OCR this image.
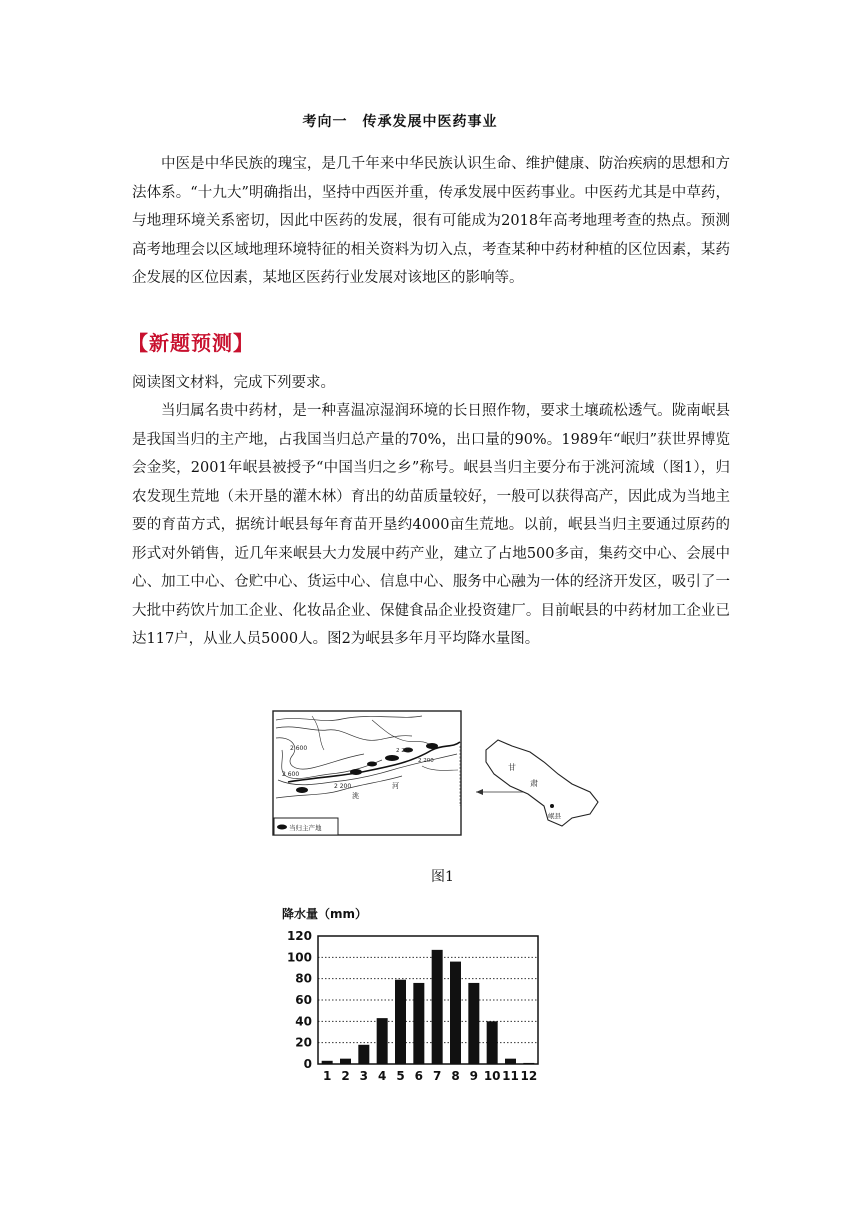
考向一　传承发展中医药事业
中医是中华民族的瑰宝，是几千年来中华民族认识生命、维护健康、防治疾病的思想和方法体系。“十九大”明确指出，坚持中西医并重，传承发展中医药事业。中医药尤其是中草药，与地理环境关系密切，因此中医药的发展，很有可能成为2018年高考地理考查的热点。预测高考地理会以区域地理环境特征的相关资料为切入点，考查某种中药材种植的区位因素，某药企发展的区位因素，某地区医药行业发展对该地区的影响等。
【新题预测】
阅读图文材料，完成下列要求。
当归属名贵中药材，是一种喜温凉湿润环境的长日照作物，要求土壤疏松透气。陇南岷县是我国当归的主产地，占我国当归总产量的70%，出口量的90%。1989年“岷归”获世界博览会金奖，2001年岷县被授予“中国当归之乡”称号。岷县当归主要分布于洮河流域（图1），归农发现生荒地（未开垦的灌木林）育出的幼苗质量较好，一般可以获得高产，因此成为当地主要的育苗方式，据统计岷县每年育苗开垦约4000亩生荒地。以前，岷县当归主要通过原药的形式对外销售，近几年来岷县大力发展中药产业，建立了占地500多亩，集药交中心、会展中心、加工中心、仓贮中心、货运中心、信息中心、服务中心融为一体的经济开发区，吸引了一大批中药饮片加工企业、化妆品企业、保健食品企业投资建厂。目前岷县的中药材加工企业已达117户，从业人员5000人。图2为岷县多年月平均降水量图。
2 600
2 600
2 200
2 200
2 200
洮
河
当归主产地
甘
肃
岷县
图1
降水量（mm）
0
20
40
60
80
100
120
1 2 3 4 5 6 7 8 9 10 11 12
